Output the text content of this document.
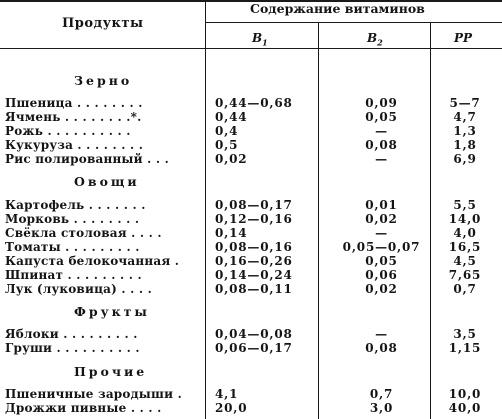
Продукты
Содержание витаминов
$B_1$	$B_2$	PP
Зерно
Пшеница . . . . . . . .	0,44—0,68	0,09	5—7
Ячмень . . . . . . . .*.	0,44	0,05	4,7
Рожь . . . . . . . . . .	0,4	—	1,3
Кукуруза . . . . . . . .	0,5	0,08	1,8
Рис полированный . . .	0,02	—	6,9
Овощи
Картофель . . . . . . .	0,08—0,17	0,01	5,5
Морковь . . . . . . . .	0,12—0,16	0,02	14,0
Свёкла столовая . . . .	0,14	—	4,0
Томаты . . . . . . . . .	0,08—0,16	0,05—0,07	16,5
Капуста белокочанная .	0,16—0,26	0,05	4,5
Шпинат . . . . . . . . .	0,14—0,24	0,06	7,65
Лук (луковица) . . . .	0,08—0,11	0,02	0,7
Фрукты
Яблоки . . . . . . . . .	0,04—0,08	—	3,5
Груши . . . . . . . . . .	0,06—0,17	0,08	1,15
Прочие
Пшеничные зародыши .	4,1	0,7	10,0
Дрожжи пивные . . . .	20,0	3,0	40,0
